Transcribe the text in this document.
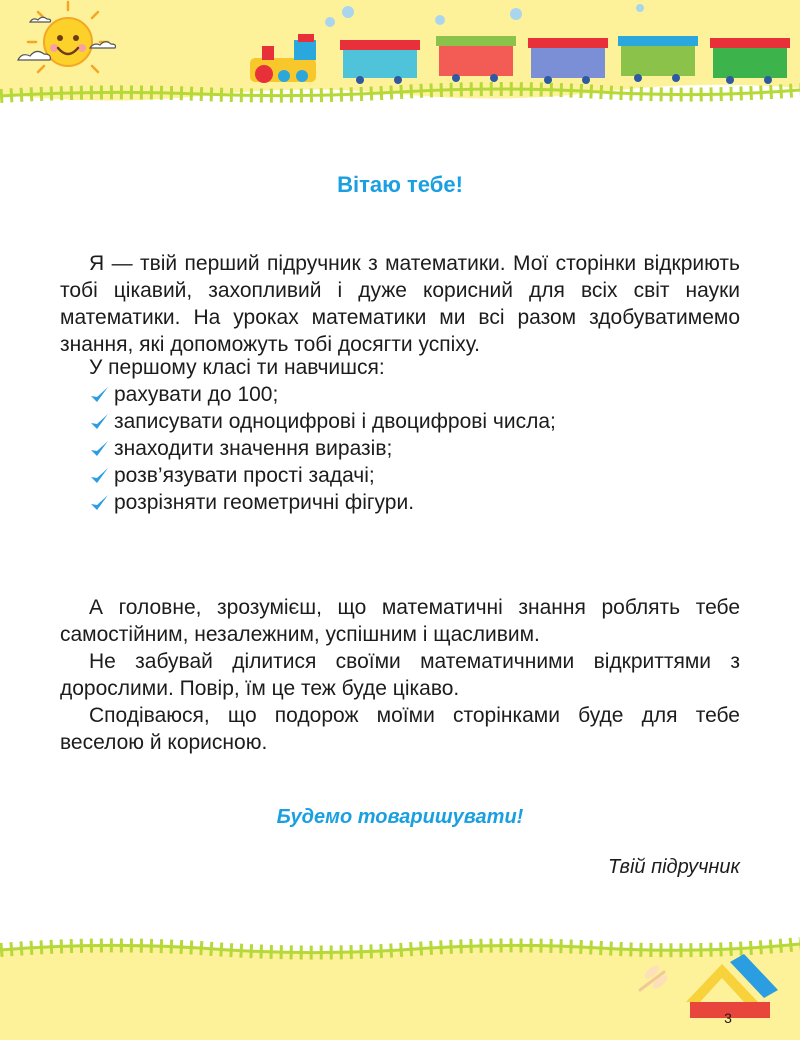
Вітаю тебе!

Я — твій перший підручник з математики. Мої сторінки відкриють тобі цікавий, захопливий і дуже корисний для всіх світ науки математики. На уроках математики ми всі разом здобуватимемо знання, які допоможуть тобі досягти успіху.

У першому класі ти навчишся:

рахувати до 100;
записувати одноцифрові і двоцифрові числа;
знаходити значення виразів;
розв’язувати прості задачі;
розрізняти геометричні фігури.

А головне, зрозумієш, що математичні знання роблять тебе самостійним, незалежним, успішним і щасливим.

Не забувай ділитися своїми математичними відкриттями з дорослими. Повір, їм це теж буде цікаво.

Сподіваюся, що подорож моїми сторінками буде для тебе веселою й корисною.

Будемо товаришувати!

Твій підручник

3
